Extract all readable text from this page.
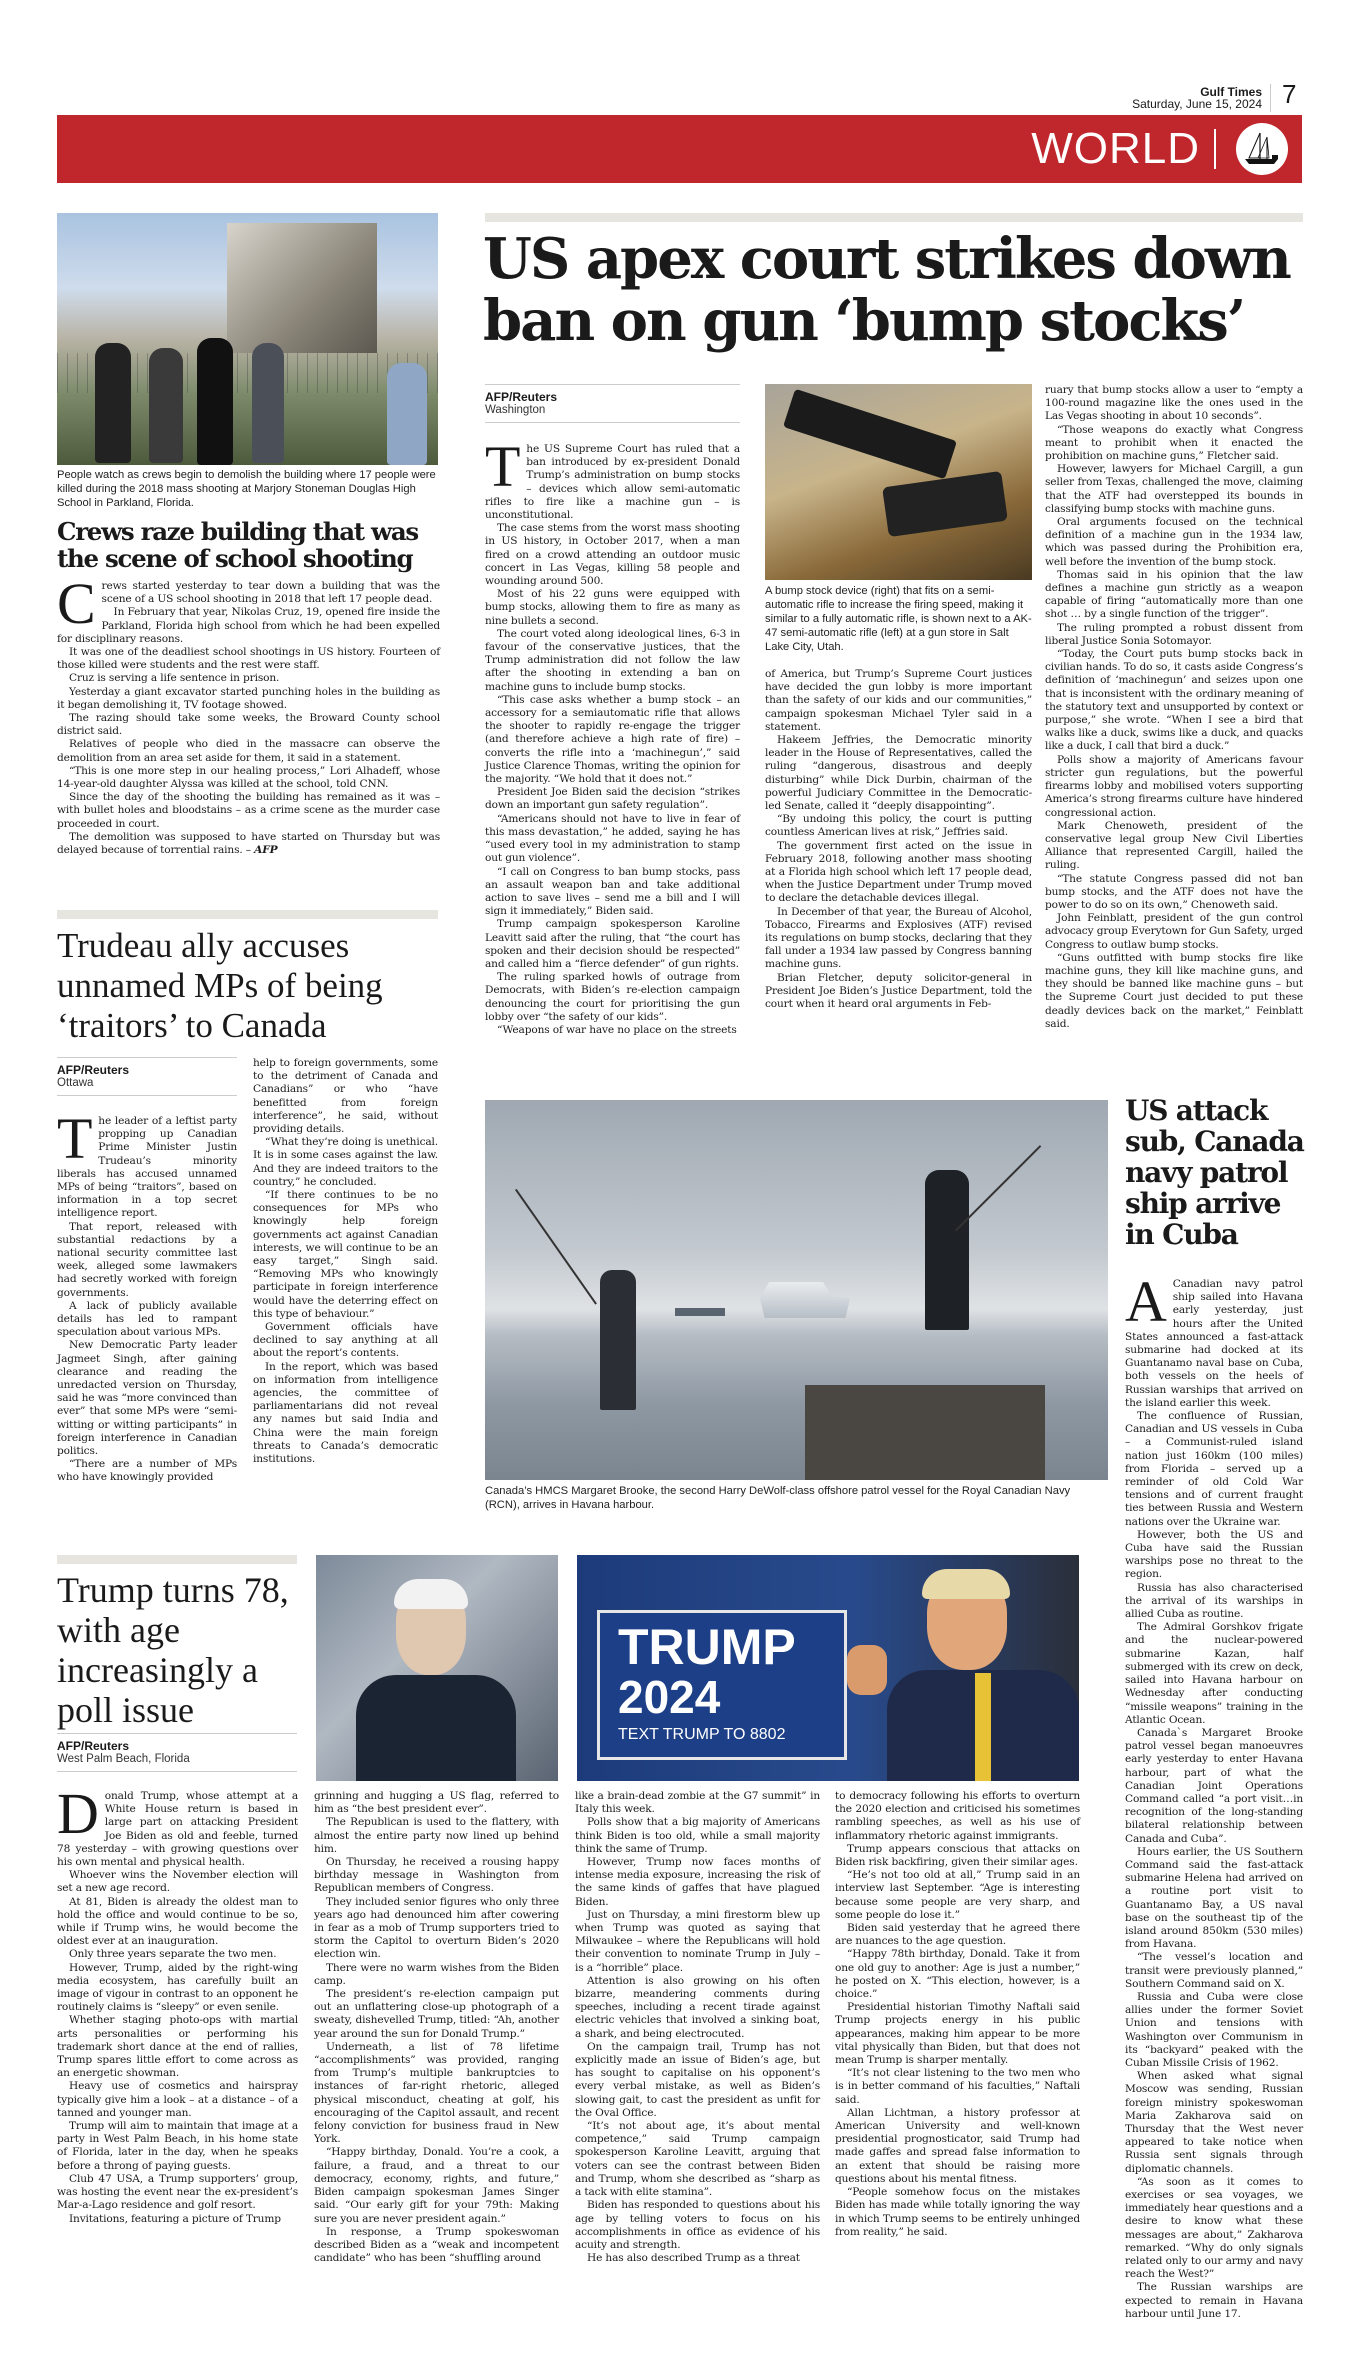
Gulf Times
Saturday, June 15, 2024 7
WORLD
People watch as crews begin to demolish the building where 17 people were killed during the 2018 mass shooting at Marjory Stoneman Douglas High School in Parkland, Florida.
Crews raze building that was the scene of school shooting
C rews started yesterday to tear down a building that was the scene of a US school shooting in 2018 that left 17 people dead.

In February that year, Nikolas Cruz, 19, opened fire inside the Parkland, Florida high school from which he had been expelled for disciplinary reasons.

It was one of the deadliest school shootings in US history. Fourteen of those killed were students and the rest were staff.

Cruz is serving a life sentence in prison.

Yesterday a giant excavator started punching holes in the building as it began demolishing it, TV footage showed.

The razing should take some weeks, the Broward County school district said.

Relatives of people who died in the massacre can observe the demolition from an area set aside for them, it said in a statement.

“This is one more step in our healing process,” Lori Alhadeff, whose 14-year-old daughter Alyssa was killed at the school, told CNN.

Since the day of the shooting the building has remained as it was – with bullet holes and bloodstains – as a crime scene as the murder case proceeded in court.

The demolition was supposed to have started on Thursday but was delayed because of torrential rains. – AFP

US apex court strikes down ban on gun ‘bump stocks’
AFP/Reuters
Washington
T he US Supreme Court has ruled that a ban introduced by ex-president Donald Trump’s administration on bump stocks – devices which allow semi-automatic rifles to fire like a machine gun – is unconstitutional.

The case stems from the worst mass shooting in US history, in October 2017, when a man fired on a crowd attending an outdoor music concert in Las Vegas, killing 58 people and wounding around 500.

Most of his 22 guns were equipped with bump stocks, allowing them to fire as many as nine bullets a second.

The court voted along ideological lines, 6-3 in favour of the conservative justices, that the Trump administration did not follow the law after the shooting in extending a ban on machine guns to include bump stocks.

“This case asks whether a bump stock – an accessory for a semiautomatic rifle that allows the shooter to rapidly re-engage the trigger (and therefore achieve a high rate of fire) – converts the rifle into a ‘machinegun’,” said Justice Clarence Thomas, writing the opinion for the majority. “We hold that it does not.”

President Joe Biden said the decision “strikes down an important gun safety regulation”.

“Americans should not have to live in fear of this mass devastation,” he added, saying he has “used every tool in my administration to stamp out gun violence”.

“I call on Congress to ban bump stocks, pass an assault weapon ban and take additional action to save lives – send me a bill and I will sign it immediately,” Biden said.

Trump campaign spokesperson Karoline Leavitt said after the ruling, that “the court has spoken and their decision should be respected” and called him a “fierce defender” of gun rights.

The ruling sparked howls of outrage from Democrats, with Biden’s re-election campaign denouncing the court for prioritising the gun lobby over “the safety of our kids”.

“Weapons of war have no place on the streets

A bump stock device (right) that fits on a semi-automatic rifle to increase the firing speed, making it similar to a fully automatic rifle, is shown next to a AK-47 semi-automatic rifle (left) at a gun store in Salt Lake City, Utah.

of America, but Trump’s Supreme Court justices have decided the gun lobby is more important than the safety of our kids and our communities,” campaign spokesman Michael Tyler said in a statement.

Hakeem Jeffries, the Democratic minority leader in the House of Representatives, called the ruling “dangerous, disastrous and deeply disturbing” while Dick Durbin, chairman of the powerful Judiciary Committee in the Democratic-led Senate, called it “deeply disappointing”.

“By undoing this policy, the court is putting countless American lives at risk,” Jeffries said.

The government first acted on the issue in February 2018, following another mass shooting at a Florida high school which left 17 people dead, when the Justice Department under Trump moved to declare the detachable devices illegal.

In December of that year, the Bureau of Alcohol, Tobacco, Firearms and Explosives (ATF) revised its regulations on bump stocks, declaring that they fall under a 1934 law passed by Congress banning machine guns.

Brian Fletcher, deputy solicitor-general in President Joe Biden’s Justice Department, told the court when it heard oral arguments in Feb-

ruary that bump stocks allow a user to “empty a 100-round magazine like the ones used in the Las Vegas shooting in about 10 seconds”.

“Those weapons do exactly what Congress meant to prohibit when it enacted the prohibition on machine guns,” Fletcher said.

However, lawyers for Michael Cargill, a gun seller from Texas, challenged the move, claiming that the ATF had overstepped its bounds in classifying bump stocks with machine guns.

Oral arguments focused on the technical definition of a machine gun in the 1934 law, which was passed during the Prohibition era, well before the invention of the bump stock.

Thomas said in his opinion that the law defines a machine gun strictly as a weapon capable of firing “automatically more than one shot … by a single function of the trigger”.

The ruling prompted a robust dissent from liberal Justice Sonia Sotomayor.

“Today, the Court puts bump stocks back in civilian hands. To do so, it casts aside Congress’s definition of ‘machinegun’ and seizes upon one that is inconsistent with the ordinary meaning of the statutory text and unsupported by context or purpose,” she wrote. “When I see a bird that walks like a duck, swims like a duck, and quacks like a duck, I call that bird a duck.”

Polls show a majority of Americans favour stricter gun regulations, but the powerful firearms lobby and mobilised voters supporting America’s strong firearms culture have hindered congressional action.

Mark Chenoweth, president of the conservative legal group New Civil Liberties Alliance that represented Cargill, hailed the ruling.

“The statute Congress passed did not ban bump stocks, and the ATF does not have the power to do so on its own,” Chenoweth said.

John Feinblatt, president of the gun control advocacy group Everytown for Gun Safety, urged Congress to outlaw bump stocks.

“Guns outfitted with bump stocks fire like machine guns, they kill like machine guns, and they should be banned like machine guns – but the Supreme Court just decided to put these deadly devices back on the market,” Feinblatt said.

Trudeau ally accuses unnamed MPs of being ‘traitors’ to Canada
AFP/Reuters
Ottawa
T he leader of a leftist party propping up Canadian Prime Minister Justin Trudeau’s minority liberals has accused unnamed MPs of being “traitors”, based on information in a top secret intelligence report.

That report, released with substantial redactions by a national security committee last week, alleged some lawmakers had secretly worked with foreign governments.

A lack of publicly available details has led to rampant speculation about various MPs.

New Democratic Party leader Jagmeet Singh, after gaining clearance and reading the unredacted version on Thursday, said he was “more convinced than ever” that some MPs were “semi-witting or witting participants” in foreign interference in Canadian politics.

“There are a number of MPs who have knowingly provided

help to foreign governments, some to the detriment of Canada and Canadians” or who “have benefitted from foreign interference”, he said, without providing details.

“What they’re doing is unethical. It is in some cases against the law. And they are indeed traitors to the country,” he concluded.

“If there continues to be no consequences for MPs who knowingly help foreign governments act against Canadian interests, we will continue to be an easy target,” Singh said. “Removing MPs who knowingly participate in foreign interference would have the deterring effect on this type of behaviour.”

Government officials have declined to say anything at all about the report’s contents.

In the report, which was based on information from intelligence agencies, the committee of parliamentarians did not reveal any names but said India and China were the main foreign threats to Canada’s democratic institutions.

Canada’s HMCS Margaret Brooke, the second Harry DeWolf-class offshore patrol vessel for the Royal Canadian Navy (RCN), arrives in Havana harbour.
US attack sub, Canada navy patrol ship arrive in Cuba
A Canadian navy patrol ship sailed into Havana early yesterday, just hours after the United States announced a fast-attack submarine had docked at its Guantanamo naval base on Cuba, both vessels on the heels of Russian warships that arrived on the island earlier this week.

The confluence of Russian, Canadian and US vessels in Cuba – a Communist-ruled island nation just 160km (100 miles) from Florida – served up a reminder of old Cold War tensions and of current fraught ties between Russia and Western nations over the Ukraine war.

However, both the US and Cuba have said the Russian warships pose no threat to the region.

Russia has also characterised the arrival of its warships in allied Cuba as routine.

The Admiral Gorshkov frigate and the nuclear-powered submarine Kazan, half submerged with its crew on deck, sailed into Havana harbour on Wednesday after conducting “missile weapons” training in the Atlantic Ocean.

Canada`s Margaret Brooke patrol vessel began manoeuvres early yesterday to enter Havana harbour, part of what the Canadian Joint Operations Command called “a port visit…in recognition of the long-standing bilateral relationship between Canada and Cuba”.

Hours earlier, the US Southern Command said the fast-attack submarine Helena had arrived on a routine port visit to Guantanamo Bay, a US naval base on the southeast tip of the island around 850km (530 miles) from Havana.

“The vessel’s location and transit were previously planned,” Southern Command said on X.

Russia and Cuba were close allies under the former Soviet Union and tensions with Washington over Communism in its “backyard” peaked with the Cuban Missile Crisis of 1962.

When asked what signal Moscow was sending, Russian foreign ministry spokeswoman Maria Zakharova said on Thursday that the West never appeared to take notice when Russia sent signals through diplomatic channels.

“As soon as it comes to exercises or sea voyages, we immediately hear questions and a desire to know what these messages are about,” Zakharova remarked. “Why do only signals related only to our army and navy reach the West?”

The Russian warships are expected to remain in Havana harbour until June 17.

Trump turns 78, with age increasingly a poll issue
AFP/Reuters
West Palm Beach, Florida
TRUMP
2024
TEXT TRUMP TO 8802
D onald Trump, whose attempt at a White House return is based in large part on attacking President Joe Biden as old and feeble, turned 78 yesterday – with growing questions over his own mental and physical health.

Whoever wins the November election will set a new age record.

At 81, Biden is already the oldest man to hold the office and would continue to be so, while if Trump wins, he would become the oldest ever at an inauguration.

Only three years separate the two men.

However, Trump, aided by the right-wing media ecosystem, has carefully built an image of vigour in contrast to an opponent he routinely claims is “sleepy” or even senile.

Whether staging photo-ops with martial arts personalities or performing his trademark short dance at the end of rallies, Trump spares little effort to come across as an energetic showman.

Heavy use of cosmetics and hairspray typically give him a look – at a distance – of a tanned and younger man.

Trump will aim to maintain that image at a party in West Palm Beach, in his home state of Florida, later in the day, when he speaks before a throng of paying guests.

Club 47 USA, a Trump supporters’ group, was hosting the event near the ex-president’s Mar-a-Lago residence and golf resort.

Invitations, featuring a picture of Trump

grinning and hugging a US flag, referred to him as “the best president ever”.

The Republican is used to the flattery, with almost the entire party now lined up behind him.

On Thursday, he received a rousing happy birthday message in Washington from Republican members of Congress.

They included senior figures who only three years ago had denounced him after cowering in fear as a mob of Trump supporters tried to storm the Capitol to overturn Biden’s 2020 election win.

There were no warm wishes from the Biden camp.

The president’s re-election campaign put out an unflattering close-up photograph of a sweaty, dishevelled Trump, titled: “Ah, another year around the sun for Donald Trump.”

Underneath, a list of 78 lifetime “accomplishments” was provided, ranging from Trump’s multiple bankruptcies to instances of far-right rhetoric, alleged physical misconduct, cheating at golf, his encouraging of the Capitol assault, and recent felony conviction for business fraud in New York.

“Happy birthday, Donald. You’re a cook, a failure, a fraud, and a threat to our democracy, economy, rights, and future,” Biden campaign spokesman James Singer said. “Our early gift for your 79th: Making sure you are never president again.”

In response, a Trump spokeswoman described Biden as a “weak and incompetent candidate” who has been “shuffling around

like a brain-dead zombie at the G7 summit” in Italy this week.

Polls show that a big majority of Americans think Biden is too old, while a small majority think the same of Trump.

However, Trump now faces months of intense media exposure, increasing the risk of the same kinds of gaffes that have plagued Biden.

Just on Thursday, a mini firestorm blew up when Trump was quoted as saying that Milwaukee – where the Republicans will hold their convention to nominate Trump in July – is a “horrible” place.

Attention is also growing on his often bizarre, meandering comments during speeches, including a recent tirade against electric vehicles that involved a sinking boat, a shark, and being electrocuted.

On the campaign trail, Trump has not explicitly made an issue of Biden’s age, but has sought to capitalise on his opponent’s every verbal mistake, as well as Biden’s slowing gait, to cast the president as unfit for the Oval Office.

“It’s not about age, it’s about mental competence,” said Trump campaign spokesperson Karoline Leavitt, arguing that voters can see the contrast between Biden and Trump, whom she described as “sharp as a tack with elite stamina”.

Biden has responded to questions about his age by telling voters to focus on his accomplishments in office as evidence of his acuity and strength.

He has also described Trump as a threat

to democracy following his efforts to overturn the 2020 election and criticised his sometimes rambling speeches, as well as his use of inflammatory rhetoric against immigrants.

Trump appears conscious that attacks on Biden risk backfiring, given their similar ages.

“He’s not too old at all,” Trump said in an interview last September. “Age is interesting because some people are very sharp, and some people do lose it.”

Biden said yesterday that he agreed there are nuances to the age question.

“Happy 78th birthday, Donald. Take it from one old guy to another: Age is just a number,” he posted on X. “This election, however, is a choice.”

Presidential historian Timothy Naftali said Trump projects energy in his public appearances, making him appear to be more vital physically than Biden, but that does not mean Trump is sharper mentally.

“It’s not clear listening to the two men who is in better command of his faculties,” Naftali said.

Allan Lichtman, a history professor at American University and well-known presidential prognosticator, said Trump had made gaffes and spread false information to an extent that should be raising more questions about his mental fitness.

“People somehow focus on the mistakes Biden has made while totally ignoring the way in which Trump seems to be entirely unhinged from reality,” he said.
